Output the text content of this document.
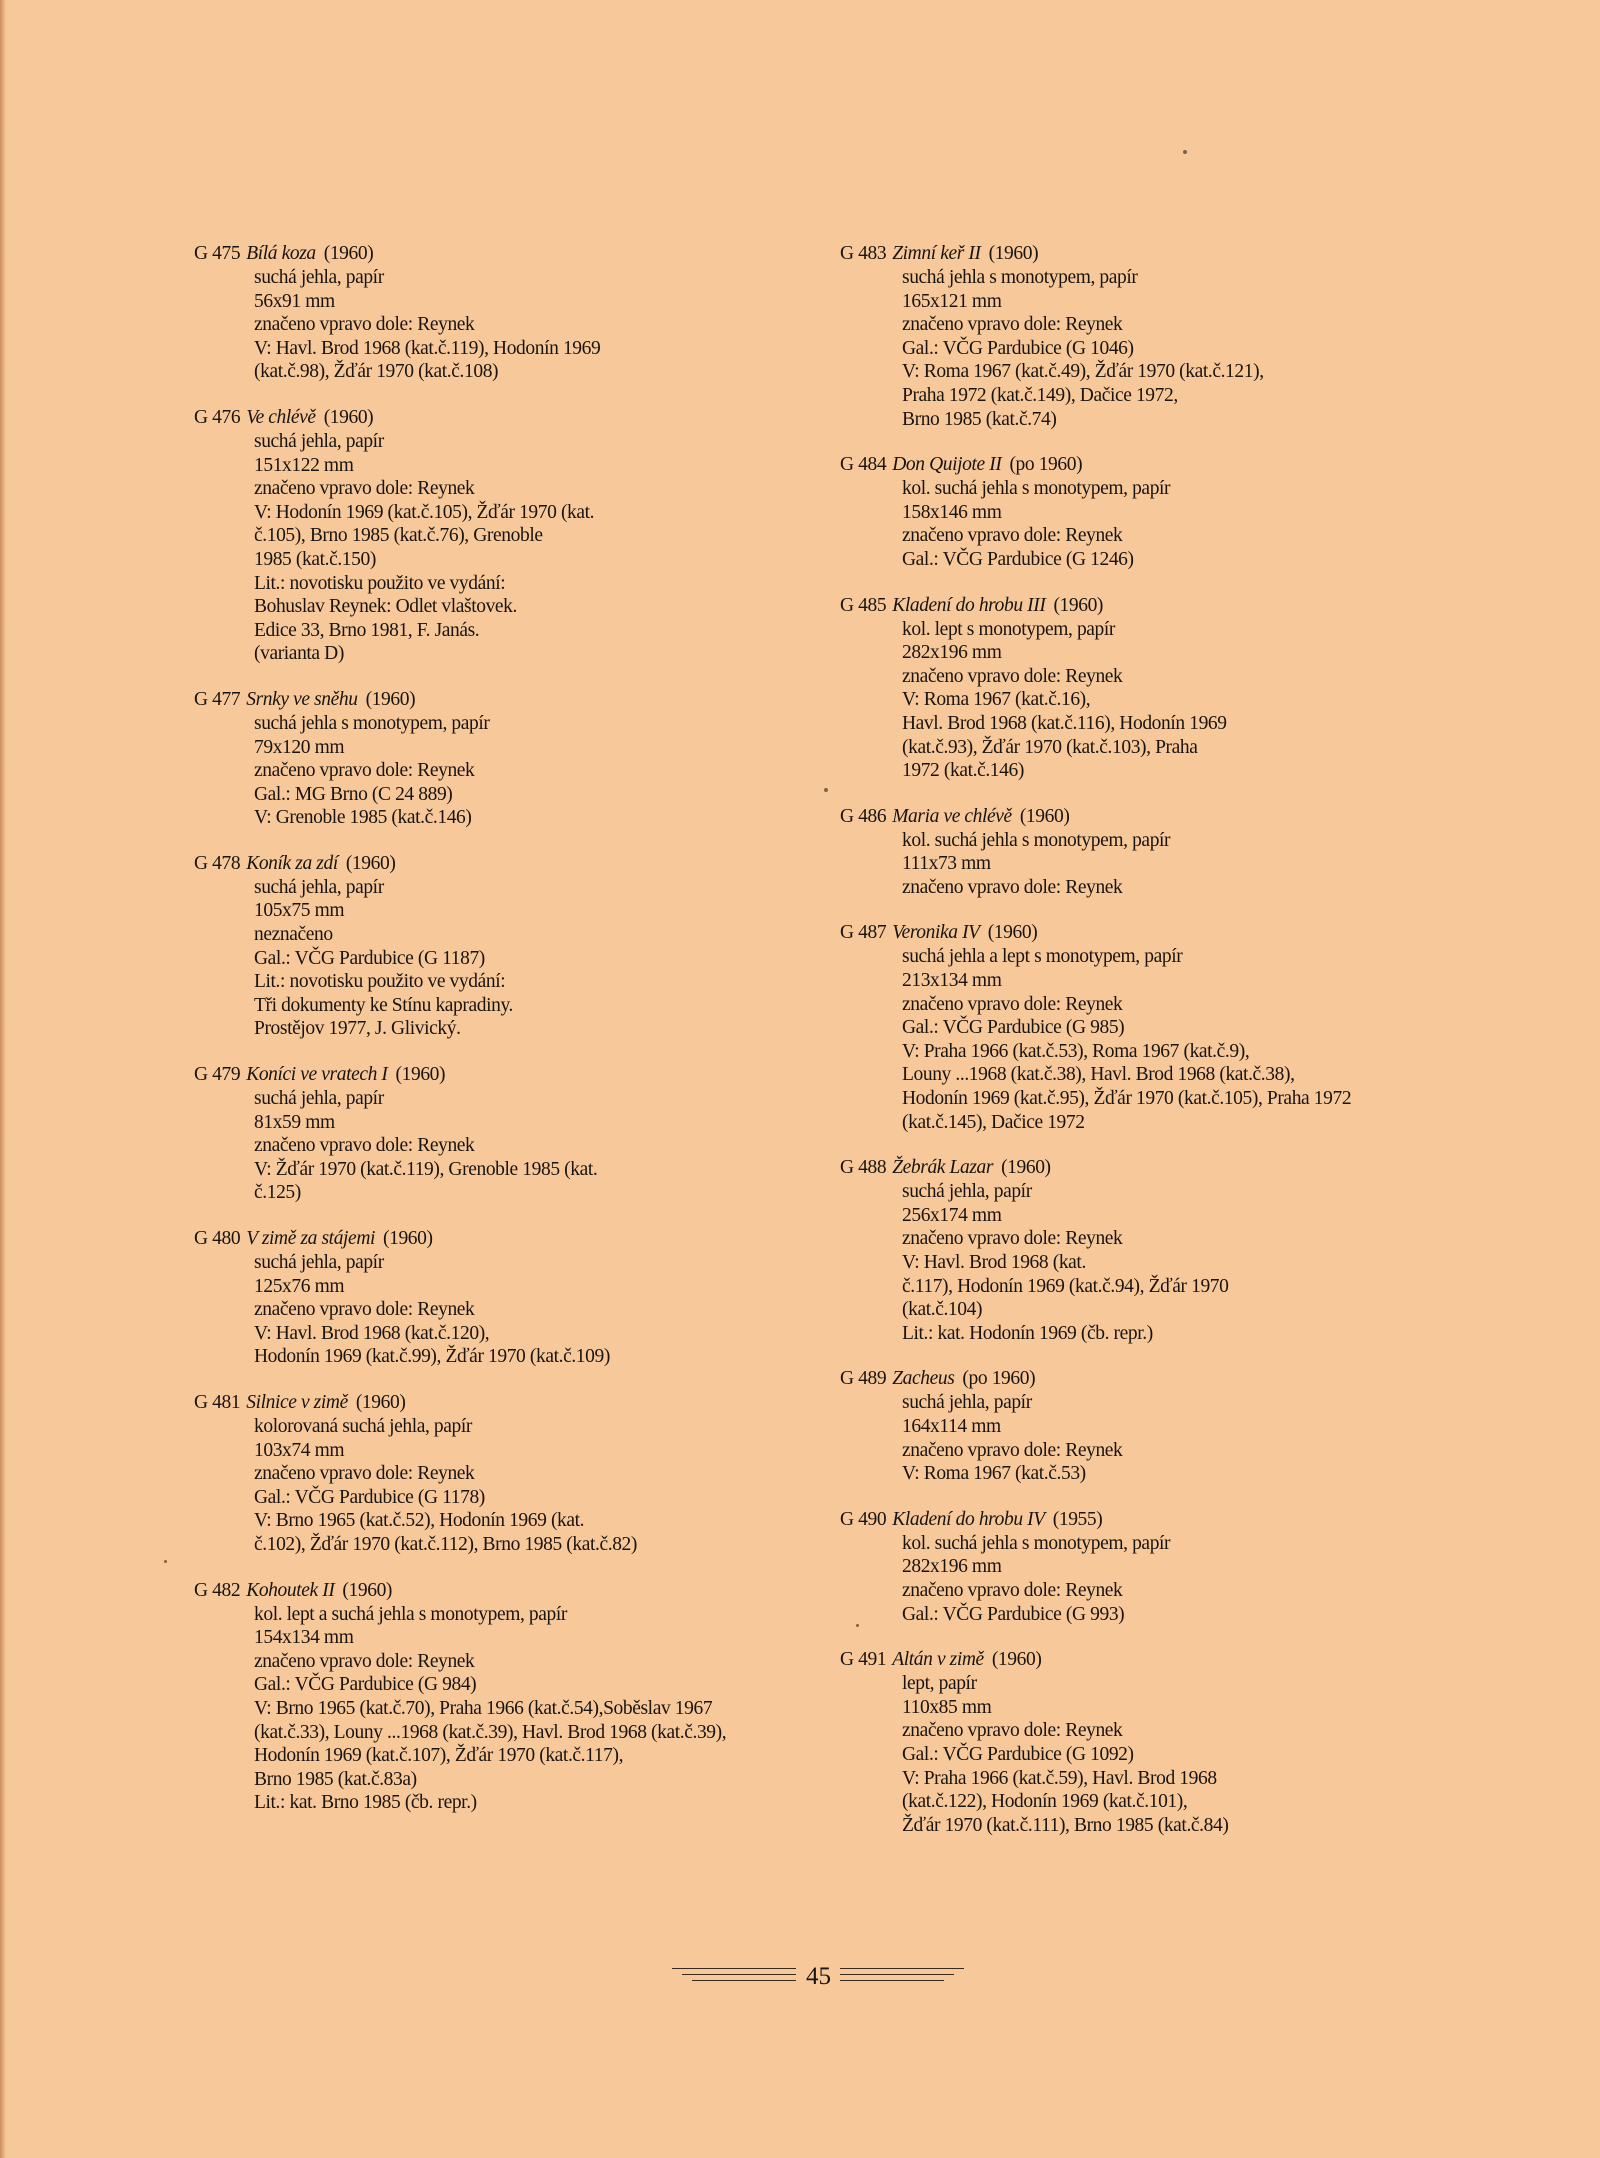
G 475 Bílá koza (1960)
suchá jehla, papír
56x91 mm
značeno vpravo dole: Reynek
V: Havl. Brod 1968 (kat.č.119), Hodonín 1969
(kat.č.98), Žďár 1970 (kat.č.108)
G 476 Ve chlévě (1960)
suchá jehla, papír
151x122 mm
značeno vpravo dole: Reynek
V: Hodonín 1969 (kat.č.105), Žďár 1970 (kat.
č.105), Brno 1985 (kat.č.76), Grenoble
1985 (kat.č.150)
Lit.: novotisku použito ve vydání:
Bohuslav Reynek: Odlet vlaštovek.
Edice 33, Brno 1981, F. Janás.
(varianta D)
G 477 Srnky ve sněhu (1960)
suchá jehla s monotypem, papír
79x120 mm
značeno vpravo dole: Reynek
Gal.: MG Brno (C 24 889)
V: Grenoble 1985 (kat.č.146)
G 478 Koník za zdí (1960)
suchá jehla, papír
105x75 mm
neznačeno
Gal.: VČG Pardubice (G 1187)
Lit.: novotisku použito ve vydání:
Tři dokumenty ke Stínu kapradiny.
Prostějov 1977, J. Glivický.
G 479 Koníci ve vratech I (1960)
suchá jehla, papír
81x59 mm
značeno vpravo dole: Reynek
V: Žďár 1970 (kat.č.119), Grenoble 1985 (kat.
č.125)
G 480 V zimě za stájemi (1960)
suchá jehla, papír
125x76 mm
značeno vpravo dole: Reynek
V: Havl. Brod 1968 (kat.č.120),
Hodonín 1969 (kat.č.99), Žďár 1970 (kat.č.109)
G 481 Silnice v zimě (1960)
kolorovaná suchá jehla, papír
103x74 mm
značeno vpravo dole: Reynek
Gal.: VČG Pardubice (G 1178)
V: Brno 1965 (kat.č.52), Hodonín 1969 (kat.
č.102), Žďár 1970 (kat.č.112), Brno 1985 (kat.č.82)
G 482 Kohoutek II (1960)
kol. lept a suchá jehla s monotypem, papír
154x134 mm
značeno vpravo dole: Reynek
Gal.: VČG Pardubice (G 984)
V: Brno 1965 (kat.č.70), Praha 1966 (kat.č.54),Soběslav 1967
(kat.č.33), Louny ...1968 (kat.č.39), Havl. Brod 1968 (kat.č.39),
Hodonín 1969 (kat.č.107), Žďár 1970 (kat.č.117),
Brno 1985 (kat.č.83a)
Lit.: kat. Brno 1985 (čb. repr.)
G 483 Zimní keř II (1960)
suchá jehla s monotypem, papír
165x121 mm
značeno vpravo dole: Reynek
Gal.: VČG Pardubice (G 1046)
V: Roma 1967 (kat.č.49), Žďár 1970 (kat.č.121),
Praha 1972 (kat.č.149), Dačice 1972,
Brno 1985 (kat.č.74)
G 484 Don Quijote II (po 1960)
kol. suchá jehla s monotypem, papír
158x146 mm
značeno vpravo dole: Reynek
Gal.: VČG Pardubice (G 1246)
G 485 Kladení do hrobu III (1960)
kol. lept s monotypem, papír
282x196 mm
značeno vpravo dole: Reynek
V: Roma 1967 (kat.č.16),
Havl. Brod 1968 (kat.č.116), Hodonín 1969
(kat.č.93), Žďár 1970 (kat.č.103), Praha
1972 (kat.č.146)
G 486 Maria ve chlévě (1960)
kol. suchá jehla s monotypem, papír
111x73 mm
značeno vpravo dole: Reynek
G 487 Veronika IV (1960)
suchá jehla a lept s monotypem, papír
213x134 mm
značeno vpravo dole: Reynek
Gal.: VČG Pardubice (G 985)
V: Praha 1966 (kat.č.53), Roma 1967 (kat.č.9),
Louny ...1968 (kat.č.38), Havl. Brod 1968 (kat.č.38),
Hodonín 1969 (kat.č.95), Žďár 1970 (kat.č.105), Praha 1972
(kat.č.145), Dačice 1972
G 488 Žebrák Lazar (1960)
suchá jehla, papír
256x174 mm
značeno vpravo dole: Reynek
V: Havl. Brod 1968 (kat.
č.117), Hodonín 1969 (kat.č.94), Žďár 1970
(kat.č.104)
Lit.: kat. Hodonín 1969 (čb. repr.)
G 489 Zacheus (po 1960)
suchá jehla, papír
164x114 mm
značeno vpravo dole: Reynek
V: Roma 1967 (kat.č.53)
G 490 Kladení do hrobu IV (1955)
kol. suchá jehla s monotypem, papír
282x196 mm
značeno vpravo dole: Reynek
Gal.: VČG Pardubice (G 993)
G 491 Altán v zimě (1960)
lept, papír
110x85 mm
značeno vpravo dole: Reynek
Gal.: VČG Pardubice (G 1092)
V: Praha 1966 (kat.č.59), Havl. Brod 1968
(kat.č.122), Hodonín 1969 (kat.č.101),
Žďár 1970 (kat.č.111), Brno 1985 (kat.č.84)
45
